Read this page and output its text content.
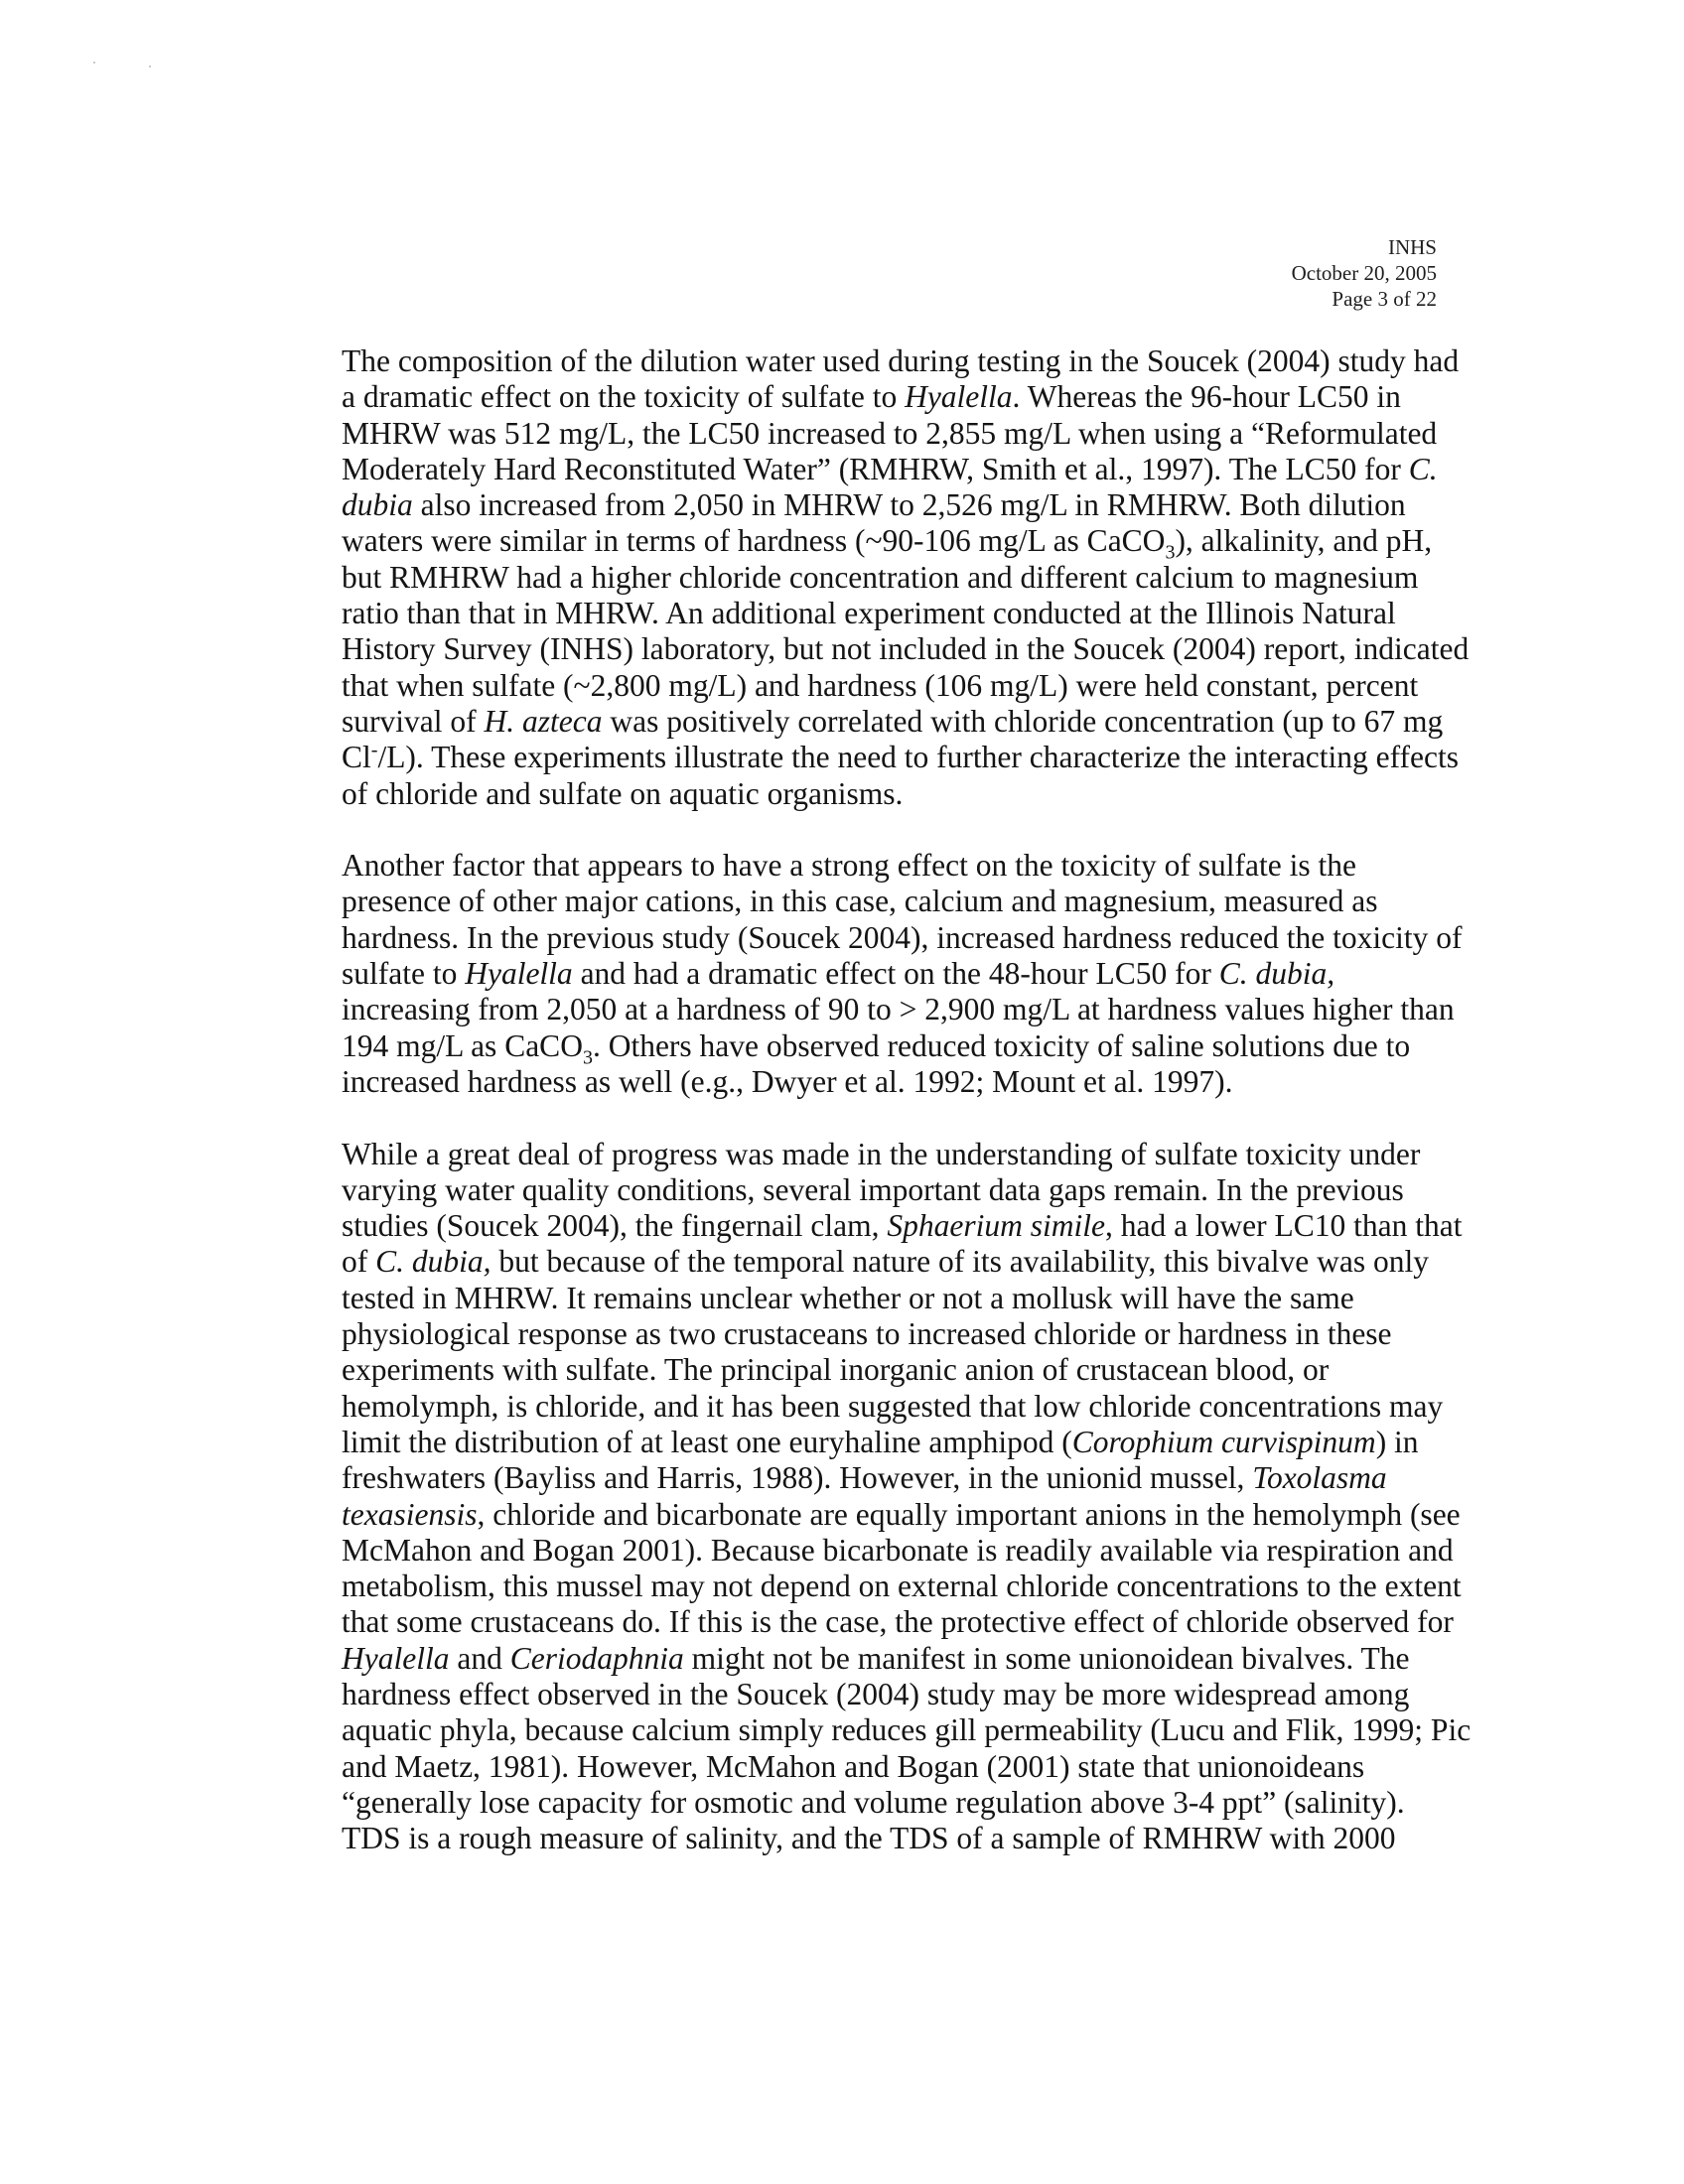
INHS
October 20, 2005
Page 3 of 22
The composition of the dilution water used during testing in the Soucek (2004) study had
a dramatic effect on the toxicity of sulfate to Hyalella. Whereas the 96-hour LC50 in
MHRW was 512 mg/L, the LC50 increased to 2,855 mg/L when using a “Reformulated
Moderately Hard Reconstituted Water” (RMHRW, Smith et al., 1997). The LC50 for C.
dubia also increased from 2,050 in MHRW to 2,526 mg/L in RMHRW. Both dilution
waters were similar in terms of hardness (~90-106 mg/L as CaCO$_3$), alkalinity, and pH,
but RMHRW had a higher chloride concentration and different calcium to magnesium
ratio than that in MHRW. An additional experiment conducted at the Illinois Natural
History Survey (INHS) laboratory, but not included in the Soucek (2004) report, indicated
that when sulfate (~2,800 mg/L) and hardness (106 mg/L) were held constant, percent
survival of H. azteca was positively correlated with chloride concentration (up to 67 mg
Cl-/L). These experiments illustrate the need to further characterize the interacting effects
of chloride and sulfate on aquatic organisms.
Another factor that appears to have a strong effect on the toxicity of sulfate is the
presence of other major cations, in this case, calcium and magnesium, measured as
hardness. In the previous study (Soucek 2004), increased hardness reduced the toxicity of
sulfate to Hyalella and had a dramatic effect on the 48-hour LC50 for C. dubia,
increasing from 2,050 at a hardness of 90 to > 2,900 mg/L at hardness values higher than
194 mg/L as CaCO$_3$. Others have observed reduced toxicity of saline solutions due to
increased hardness as well (e.g., Dwyer et al. 1992; Mount et al. 1997).
While a great deal of progress was made in the understanding of sulfate toxicity under
varying water quality conditions, several important data gaps remain. In the previous
studies (Soucek 2004), the fingernail clam, Sphaerium simile, had a lower LC10 than that
of C. dubia, but because of the temporal nature of its availability, this bivalve was only
tested in MHRW. It remains unclear whether or not a mollusk will have the same
physiological response as two crustaceans to increased chloride or hardness in these
experiments with sulfate. The principal inorganic anion of crustacean blood, or
hemolymph, is chloride, and it has been suggested that low chloride concentrations may
limit the distribution of at least one euryhaline amphipod (Corophium curvispinum) in
freshwaters (Bayliss and Harris, 1988). However, in the unionid mussel, Toxolasma
texasiensis, chloride and bicarbonate are equally important anions in the hemolymph (see
McMahon and Bogan 2001). Because bicarbonate is readily available via respiration and
metabolism, this mussel may not depend on external chloride concentrations to the extent
that some crustaceans do. If this is the case, the protective effect of chloride observed for
Hyalella and Ceriodaphnia might not be manifest in some unionoidean bivalves. The
hardness effect observed in the Soucek (2004) study may be more widespread among
aquatic phyla, because calcium simply reduces gill permeability (Lucu and Flik, 1999; Pic
and Maetz, 1981). However, McMahon and Bogan (2001) state that unionoideans
“generally lose capacity for osmotic and volume regulation above 3-4 ppt” (salinity).
TDS is a rough measure of salinity, and the TDS of a sample of RMHRW with 2000
